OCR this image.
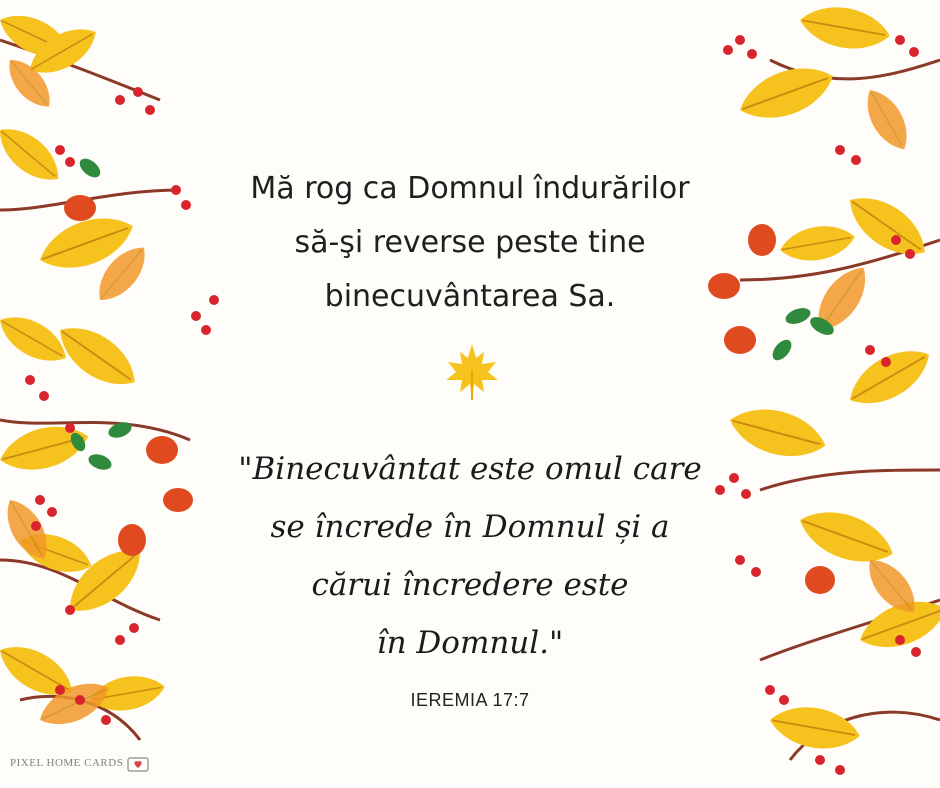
Mă rog ca Domnul îndurărilor
să-şi reverse peste tine
binecuvântarea Sa.
"Binecuvântat este omul care
se încrede în Domnul și a
cărui încredere este
în Domnul."
IEREMIA 17:7
PIXEL HOME CARDS
